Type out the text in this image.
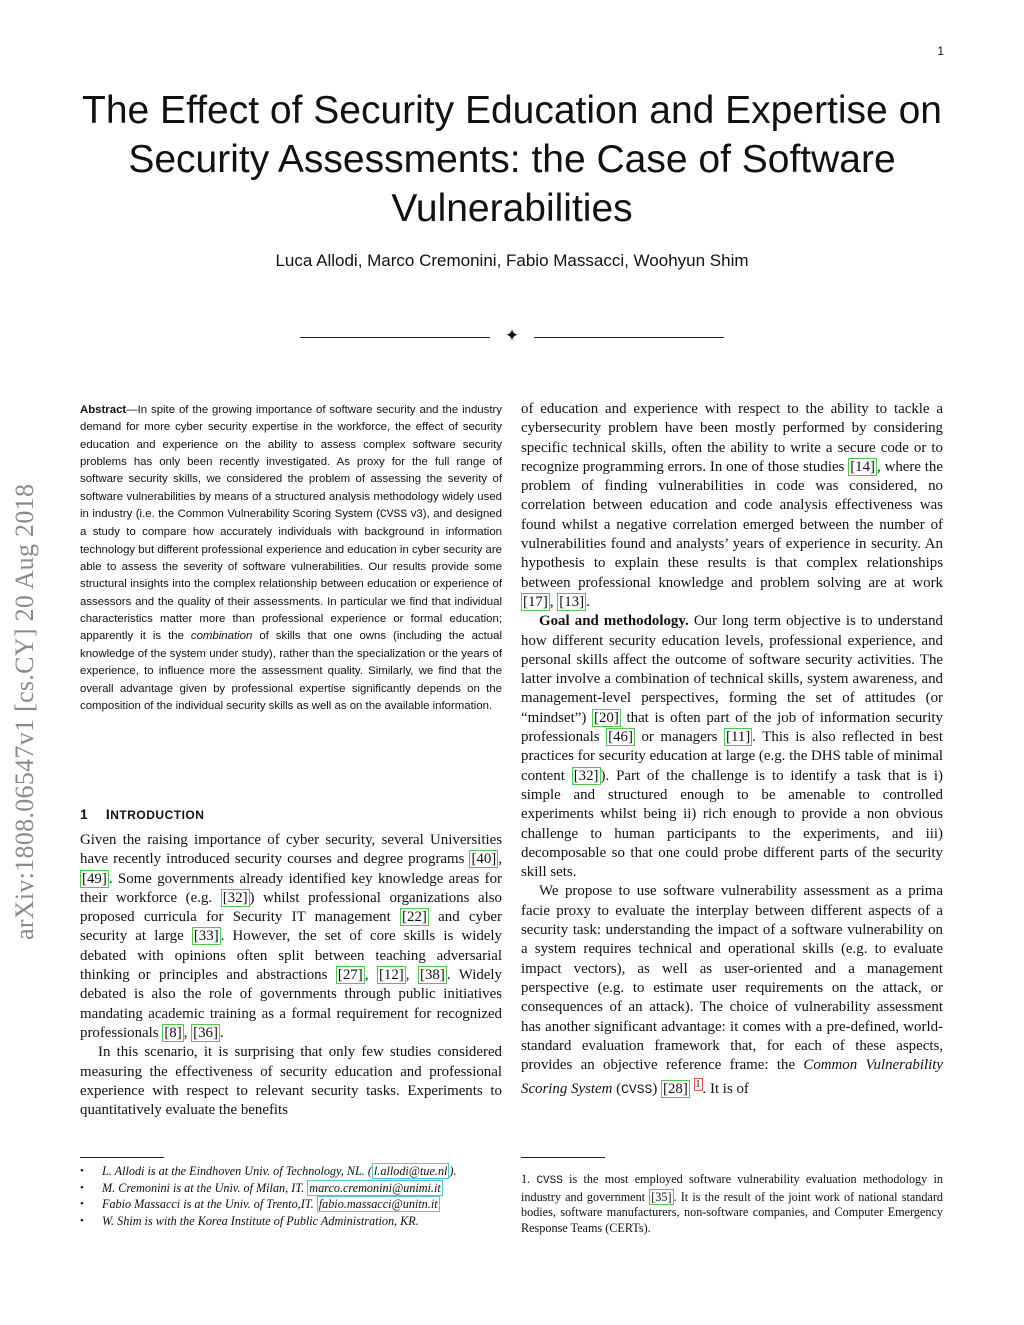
1
The Effect of Security Education and Expertise on Security Assessments: the Case of Software Vulnerabilities
Luca Allodi, Marco Cremonini, Fabio Massacci, Woohyun Shim
✦
arXiv:1808.06547v1 [cs.CY] 20 Aug 2018
Abstract—In spite of the growing importance of software security and the industry demand for more cyber security expertise in the workforce, the effect of security education and experience on the ability to assess complex software security problems has only been recently investigated. As proxy for the full range of software security skills, we considered the problem of assessing the severity of software vulnerabilities by means of a structured analysis methodology widely used in industry (i.e. the Common Vulnerability Scoring System (CVSS v3), and designed a study to compare how accurately individuals with background in information technology but different professional experience and education in cyber security are able to assess the severity of software vulnerabilities. Our results provide some structural insights into the complex relationship between education or experience of assessors and the quality of their assessments. In particular we find that individual characteristics matter more than professional experience or formal education; apparently it is the combination of skills that one owns (including the actual knowledge of the system under study), rather than the specialization or the years of experience, to influence more the assessment quality. Similarly, we find that the overall advantage given by professional expertise significantly depends on the composition of the individual security skills as well as on the available information.
1 INTRODUCTION

Given the raising importance of cyber security, several Universities have recently introduced security courses and degree programs [40] , [49] . Some governments already identified key knowledge areas for their workforce (e.g. [32] ) whilst professional organizations also proposed curricula for Security IT management [22] and cyber security at large [33] . However, the set of core skills is widely debated with opinions often split between teaching adversarial thinking or principles and abstractions [27] , [12] , [38] . Widely debated is also the role of governments through public initiatives mandating academic training as a formal requirement for recognized professionals [8] , [36] .

In this scenario, it is surprising that only few studies considered measuring the effectiveness of security education and professional experience with respect to relevant security tasks. Experiments to quantitatively evaluate the benefits

of education and experience with respect to the ability to tackle a cybersecurity problem have been mostly performed by considering specific technical skills, often the ability to write a secure code or to recognize programming errors. In one of those studies [14] , where the problem of finding vulnerabilities in code was considered, no correlation between education and code analysis effectiveness was found whilst a negative correlation emerged between the number of vulnerabilities found and analysts’ years of experience in security. An hypothesis to explain these results is that complex relationships between professional knowledge and problem solving are at work [17] , [13] .

Goal and methodology. Our long term objective is to understand how different security education levels, professional experience, and personal skills affect the outcome of software security activities. The latter involve a combination of technical skills, system awareness, and management-level perspectives, forming the set of attitudes (or “mindset”) [20] that is often part of the job of information security professionals [46] or managers [11] . This is also reflected in best practices for security education at large (e.g. the DHS table of minimal content [32] ). Part of the challenge is to identify a task that is i) simple and structured enough to be amenable to controlled experiments whilst being ii) rich enough to provide a non obvious challenge to human participants to the experiments, and iii) decomposable so that one could probe different parts of the security skill sets.

We propose to use software vulnerability assessment as a prima facie proxy to evaluate the interplay between different aspects of a security task: understanding the impact of a software vulnerability on a system requires technical and operational skills (e.g. to evaluate impact vectors), as well as user-oriented and a management perspective (e.g. to estimate user requirements on the attack, or consequences of an attack). The choice of vulnerability assessment has another significant advantage: it comes with a pre-defined, world- standard evaluation framework that, for each of these aspects, provides an objective reference frame: the Common Vulnerability Scoring System (CVSS) [28] $^1$ . It is of

• L. Allodi is at the Eindhoven Univ. of Technology, NL. ( l.allodi@tue.nl ).
• M. Cremonini is at the Univ. of Milan, IT. marco.cremonini@unimi.it
• Fabio Massacci is at the Univ. of Trento,IT. fabio.massacci@unitn.it
• W. Shim is with the Korea Institute of Public Administration, KR.
1. CVSS is the most employed software vulnerability evaluation methodology in industry and government [35] . It is the result of the joint work of national standard bodies, software manufacturers, non-software companies, and Computer Emergency Response Teams (CERTs).
